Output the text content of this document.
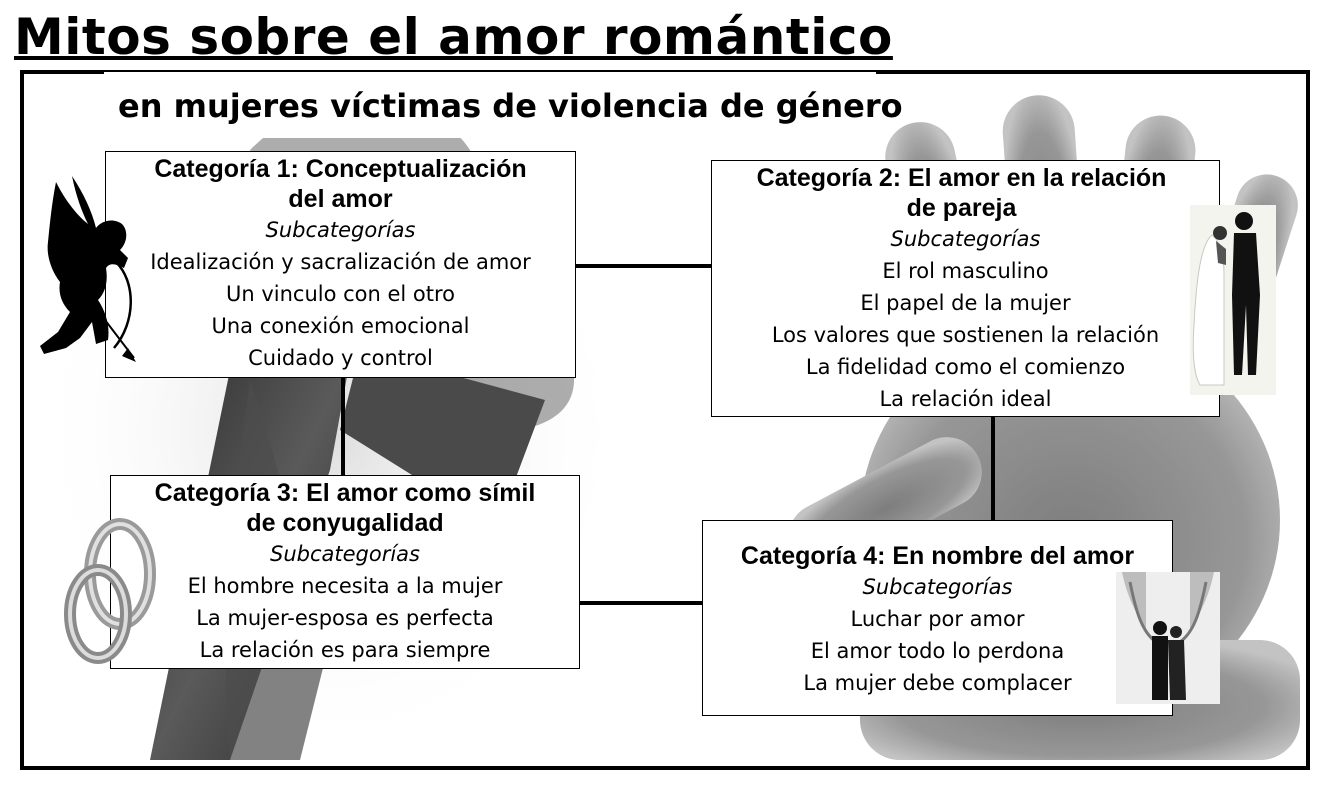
Mitos sobre el amor romántico
en mujeres víctimas de violencia de género
Categoría 1: Conceptualización
del amor
Subcategorías
Idealización y sacralización de amor
Un vinculo con el otro
Una conexión emocional
Cuidado y control
Categoría 2: El amor en la relación
de pareja
Subcategorías
El rol masculino
El papel de la mujer
Los valores que sostienen la relación
La fidelidad como el comienzo
La relación ideal
Categoría 3: El amor como símil
de conyugalidad
Subcategorías
El hombre necesita a la mujer
La mujer-esposa es perfecta
La relación es para siempre
Categoría 4: En nombre del amor
Subcategorías
Luchar por amor
El amor todo lo perdona
La mujer debe complacer
